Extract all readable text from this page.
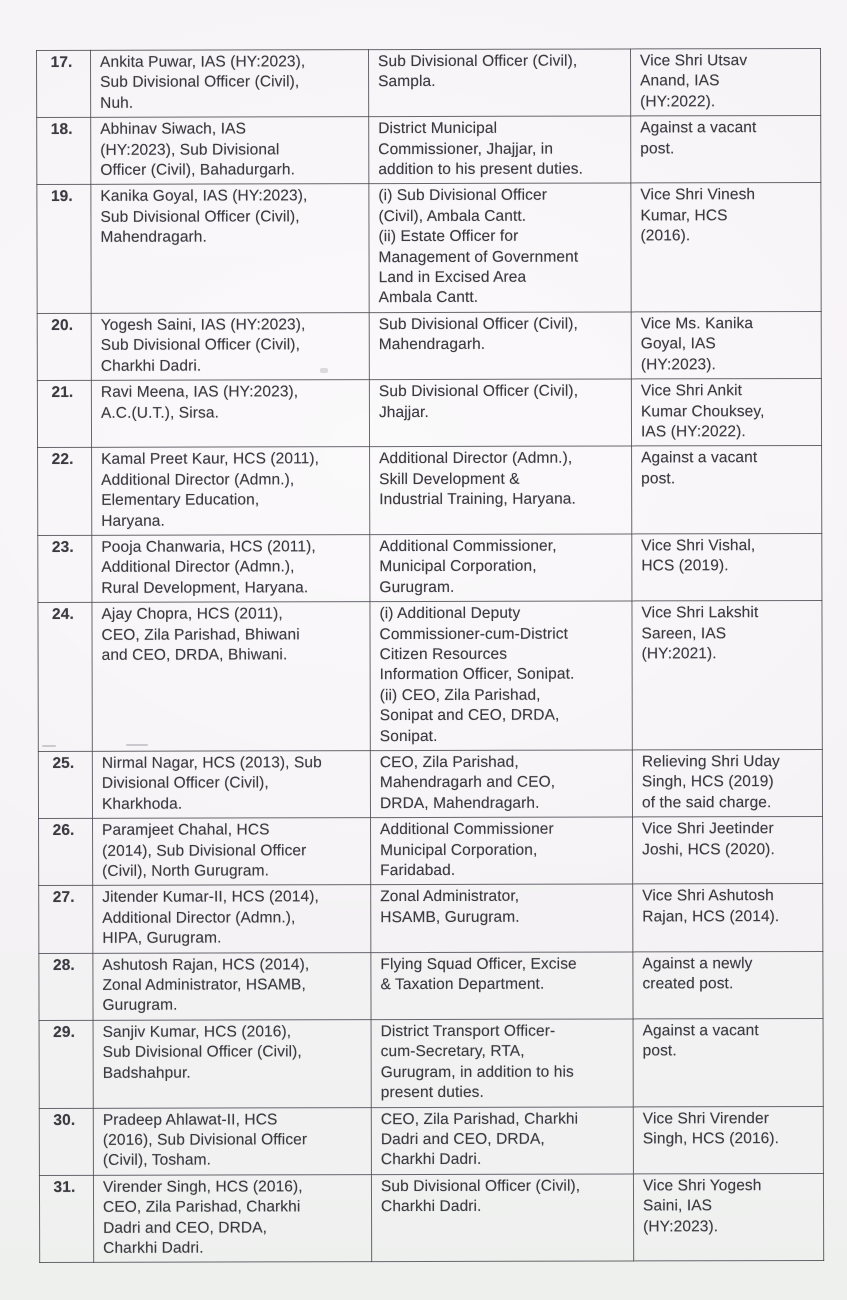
17.	Ankita Puwar, IAS (HY:2023),
Sub Divisional Officer (Civil),
Nuh.	Sub Divisional Officer (Civil),
Sampla.	Vice Shri Utsav
Anand, IAS
(HY:2022).
18.	Abhinav Siwach, IAS
(HY:2023), Sub Divisional
Officer (Civil), Bahadurgarh.	District Municipal
Commissioner, Jhajjar, in
addition to his present duties.	Against a vacant
post.
19.	Kanika Goyal, IAS (HY:2023),
Sub Divisional Officer (Civil),
Mahendragarh.	(i) Sub Divisional Officer
(Civil), Ambala Cantt.
(ii) Estate Officer for
Management of Government
Land in Excised Area
Ambala Cantt.	Vice Shri Vinesh
Kumar, HCS
(2016).
20.	Yogesh Saini, IAS (HY:2023),
Sub Divisional Officer (Civil),
Charkhi Dadri.	Sub Divisional Officer (Civil),
Mahendragarh.	Vice Ms. Kanika
Goyal, IAS
(HY:2023).
21.	Ravi Meena, IAS (HY:2023),
A.C.(U.T.), Sirsa.	Sub Divisional Officer (Civil),
Jhajjar.	Vice Shri Ankit
Kumar Chouksey,
IAS (HY:2022).
22.	Kamal Preet Kaur, HCS (2011),
Additional Director (Admn.),
Elementary Education,
Haryana.	Additional Director (Admn.),
Skill Development &
Industrial Training, Haryana.	Against a vacant
post.
23.	Pooja Chanwaria, HCS (2011),
Additional Director (Admn.),
Rural Development, Haryana.	Additional Commissioner,
Municipal Corporation,
Gurugram.	Vice Shri Vishal,
HCS (2019).
24.	Ajay Chopra, HCS (2011),
CEO, Zila Parishad, Bhiwani
and CEO, DRDA, Bhiwani.	(i) Additional Deputy
Commissioner-cum-District
Citizen Resources
Information Officer, Sonipat.
(ii) CEO, Zila Parishad,
Sonipat and CEO, DRDA,
Sonipat.	Vice Shri Lakshit
Sareen, IAS
(HY:2021).
25.	Nirmal Nagar, HCS (2013), Sub
Divisional Officer (Civil),
Kharkhoda.	CEO, Zila Parishad,
Mahendragarh and CEO,
DRDA, Mahendragarh.	Relieving Shri Uday
Singh, HCS (2019)
of the said charge.
26.	Paramjeet Chahal, HCS
(2014), Sub Divisional Officer
(Civil), North Gurugram.	Additional Commissioner
Municipal Corporation,
Faridabad.	Vice Shri Jeetinder
Joshi, HCS (2020).
27.	Jitender Kumar-II, HCS (2014),
Additional Director (Admn.),
HIPA, Gurugram.	Zonal Administrator,
HSAMB, Gurugram.	Vice Shri Ashutosh
Rajan, HCS (2014).
28.	Ashutosh Rajan, HCS (2014),
Zonal Administrator, HSAMB,
Gurugram.	Flying Squad Officer, Excise
& Taxation Department.	Against a newly
created post.
29.	Sanjiv Kumar, HCS (2016),
Sub Divisional Officer (Civil),
Badshahpur.	District Transport Officer-
cum-Secretary, RTA,
Gurugram, in addition to his
present duties.	Against a vacant
post.
30.	Pradeep Ahlawat-II, HCS
(2016), Sub Divisional Officer
(Civil), Tosham.	CEO, Zila Parishad, Charkhi
Dadri and CEO, DRDA,
Charkhi Dadri.	Vice Shri Virender
Singh, HCS (2016).
31.	Virender Singh, HCS (2016),
CEO, Zila Parishad, Charkhi
Dadri and CEO, DRDA,
Charkhi Dadri.	Sub Divisional Officer (Civil),
Charkhi Dadri.	Vice Shri Yogesh
Saini, IAS
(HY:2023).
